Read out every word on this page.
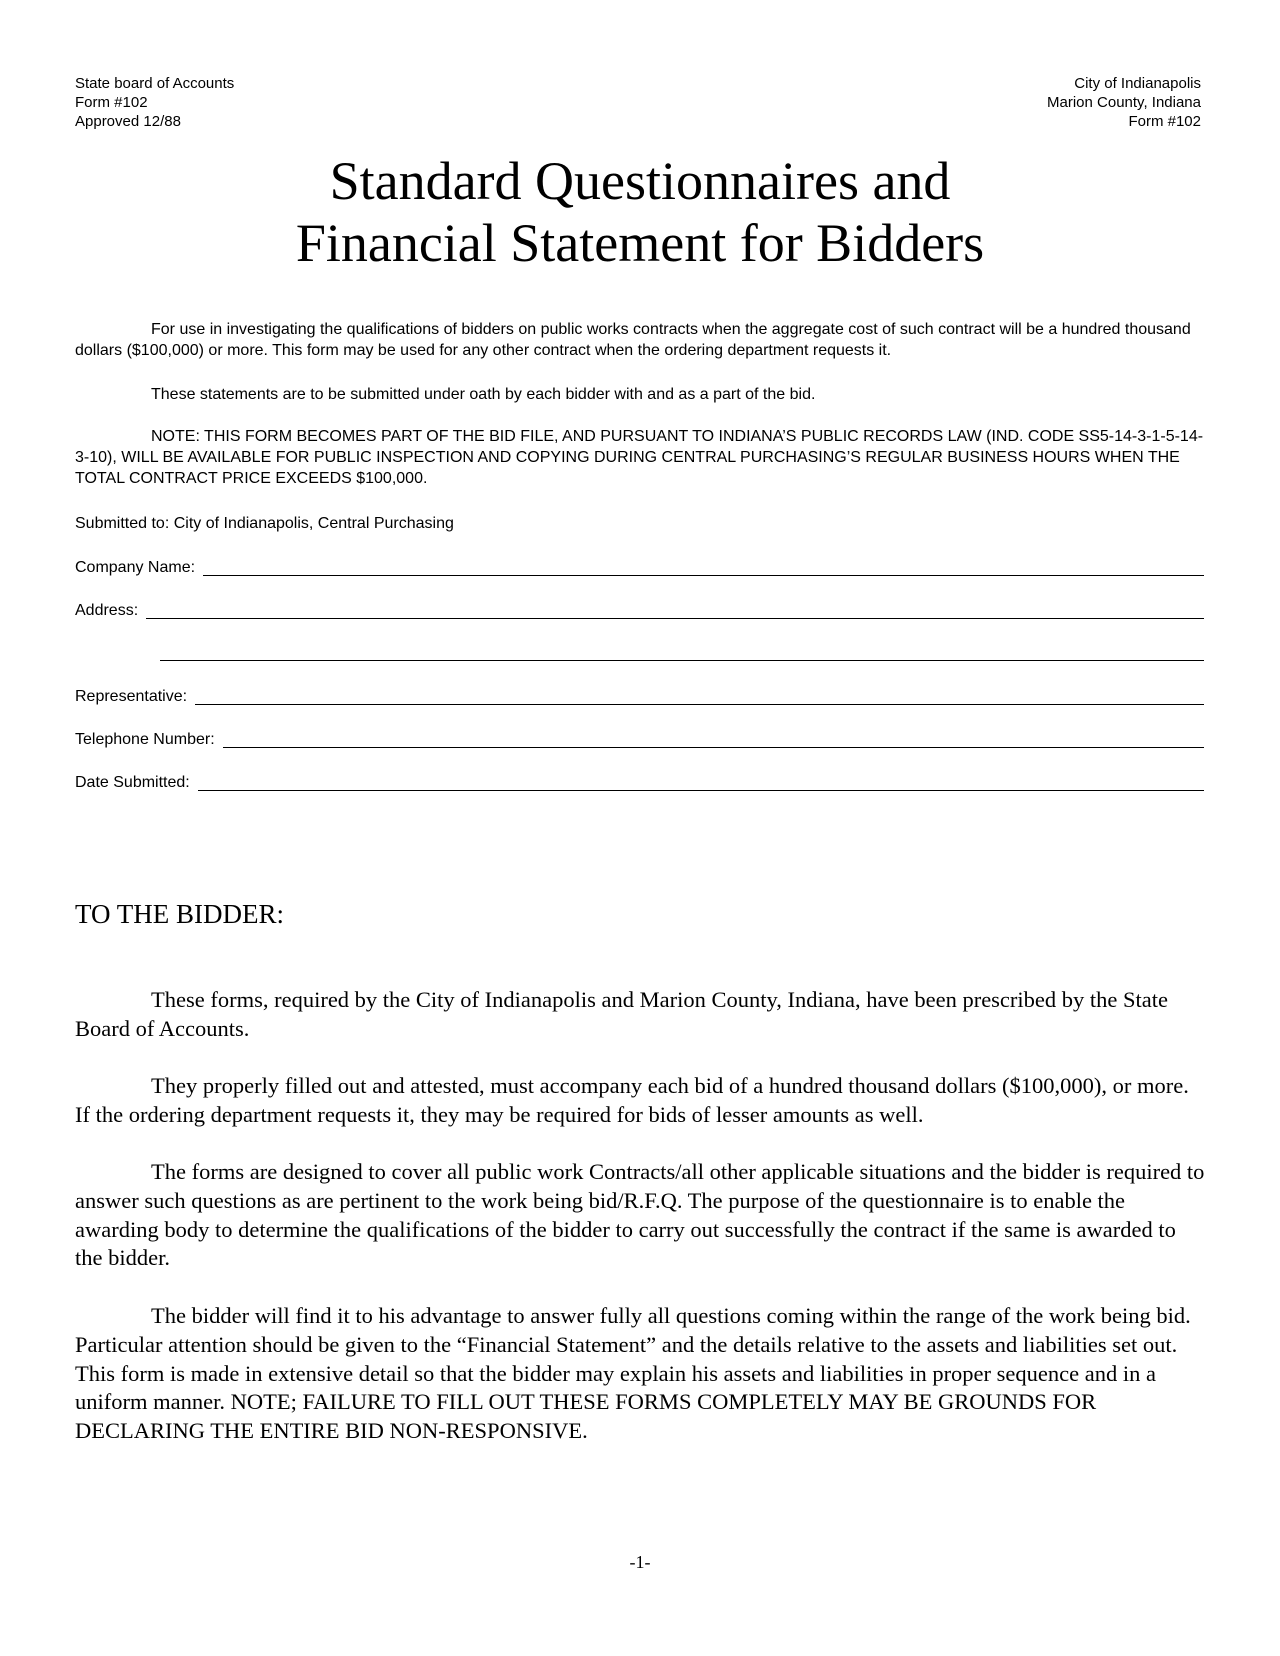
State board of Accounts
Form #102
Approved 12/88
City of Indianapolis
Marion County, Indiana
Form #102
Standard Questionnaires and
Financial Statement for Bidders

For use in investigating the qualifications of bidders on public works contracts when the aggregate cost of such contract will be a hundred thousand dollars ($100,000) or more. This form may be used for any other contract when the ordering department requests it.

These statements are to be submitted under oath by each bidder with and as a part of the bid.

NOTE: THIS FORM BECOMES PART OF THE BID FILE, AND PURSUANT TO INDIANA’S PUBLIC RECORDS LAW (IND. CODE SS5-14-3-1-5-14-3-10), WILL BE AVAILABLE FOR PUBLIC INSPECTION AND COPYING DURING CENTRAL PURCHASING’S REGULAR BUSINESS HOURS WHEN THE TOTAL CONTRACT PRICE EXCEEDS $100,000.

Submitted to: City of Indianapolis, Central Purchasing

Company Name:
Address:
Representative:
Telephone Number:
Date Submitted:
TO THE BIDDER:

These forms, required by the City of Indianapolis and Marion County, Indiana, have been prescribed by the State Board of Accounts.

They properly filled out and attested, must accompany each bid of a hundred thousand dollars ($100,000), or more. If the ordering department requests it, they may be required for bids of lesser amounts as well.

The forms are designed to cover all public work Contracts/all other applicable situations and the bidder is required to answer such questions as are pertinent to the work being bid/R.F.Q. The purpose of the questionnaire is to enable the awarding body to determine the qualifications of the bidder to carry out successfully the contract if the same is awarded to the bidder.

The bidder will find it to his advantage to answer fully all questions coming within the range of the work being bid. Particular attention should be given to the “Financial Statement” and the details relative to the assets and liabilities set out. This form is made in extensive detail so that the bidder may explain his assets and liabilities in proper sequence and in a uniform manner. NOTE; FAILURE TO FILL OUT THESE FORMS COMPLETELY MAY BE GROUNDS FOR DECLARING THE ENTIRE BID NON-RESPONSIVE.

-1-
